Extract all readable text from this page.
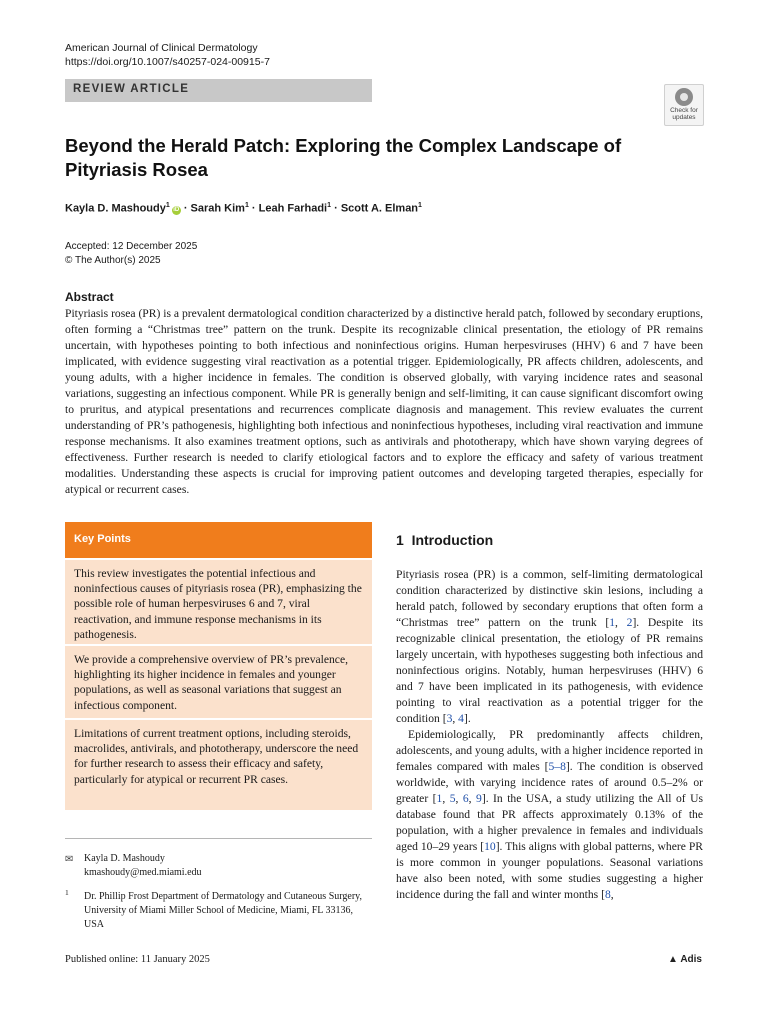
American Journal of Clinical Dermatology
https://doi.org/10.1007/s40257-024-00915-7
REVIEW ARTICLE
Check for updates
Beyond the Herald Patch: Exploring the Complex Landscape of Pityriasis Rosea
Kayla D. Mashoudy$^1$iD · Sarah Kim$^1$ · Leah Farhadi$^1$ · Scott A. Elman$^1$
Accepted: 12 December 2025
© The Author(s) 2025
Abstract
Pityriasis rosea (PR) is a prevalent dermatological condition characterized by a distinctive herald patch, followed by secondary eruptions, often forming a “Christmas tree” pattern on the trunk. Despite its recognizable clinical presentation, the etiology of PR remains uncertain, with hypotheses pointing to both infectious and noninfectious origins. Human herpesviruses (HHV) 6 and 7 have been implicated, with evidence suggesting viral reactivation as a potential trigger. Epidemiologically, PR affects children, adolescents, and young adults, with a higher incidence in females. The condition is observed globally, with varying incidence rates and seasonal variations, suggesting an infectious component. While PR is generally benign and self-limiting, it can cause significant discomfort owing to pruritus, and atypical presentations and recurrences complicate diagnosis and management. This review evaluates the current understanding of PR’s pathogenesis, highlighting both infectious and noninfectious hypotheses, including viral reactivation and immune response mechanisms. It also examines treatment options, such as antivirals and phototherapy, which have shown varying degrees of effectiveness. Further research is needed to clarify etiological factors and to explore the efficacy and safety of various treatment modalities. Understanding these aspects is crucial for improving patient outcomes and developing targeted therapies, especially for atypical or recurrent cases.
Key Points

This review investigates the potential infectious and noninfectious causes of pityriasis rosea (PR), emphasizing the possible role of human herpesviruses 6 and 7, viral reactivation, and immune response mechanisms in its pathogenesis.

We provide a comprehensive overview of PR’s prevalence, highlighting its higher incidence in females and younger populations, as well as seasonal variations that suggest an infectious component.

Limitations of current treatment options, including steroids, macrolides, antivirals, and phototherapy, underscore the need for further research to assess their efficacy and safety, particularly for atypical or recurrent PR cases.

✉ Kayla D. Mashoudy
kmashoudy@med.miami.edu
1 Dr. Phillip Frost Department of Dermatology and Cutaneous Surgery, University of Miami Miller School of Medicine, Miami, FL 33136, USA
Published online: 11 January 2025	▲ Adis
1 Introduction
Pityriasis rosea (PR) is a common, self-limiting dermatological condition characterized by distinctive skin lesions, including a herald patch, followed by secondary eruptions that often form a “Christmas tree” pattern on the trunk [1, 2]. Despite its recognizable clinical presentation, the etiology of PR remains largely uncertain, with hypotheses suggesting both infectious and noninfectious origins. Notably, human herpesviruses (HHV) 6 and 7 have been implicated in its pathogenesis, with evidence pointing to viral reactivation as a potential trigger for the condition [3, 4].
Epidemiologically, PR predominantly affects children, adolescents, and young adults, with a higher incidence reported in females compared with males [5–8]. The condition is observed worldwide, with varying incidence rates of around 0.5–2% or greater [1, 5, 6, 9]. In the USA, a study utilizing the All of Us database found that PR affects approximately 0.13% of the population, with a higher prevalence in females and individuals aged 10–29 years [10]. This aligns with global patterns, where PR is more common in younger populations. Seasonal variations have also been noted, with some studies suggesting a higher incidence during the fall and winter months [8,
